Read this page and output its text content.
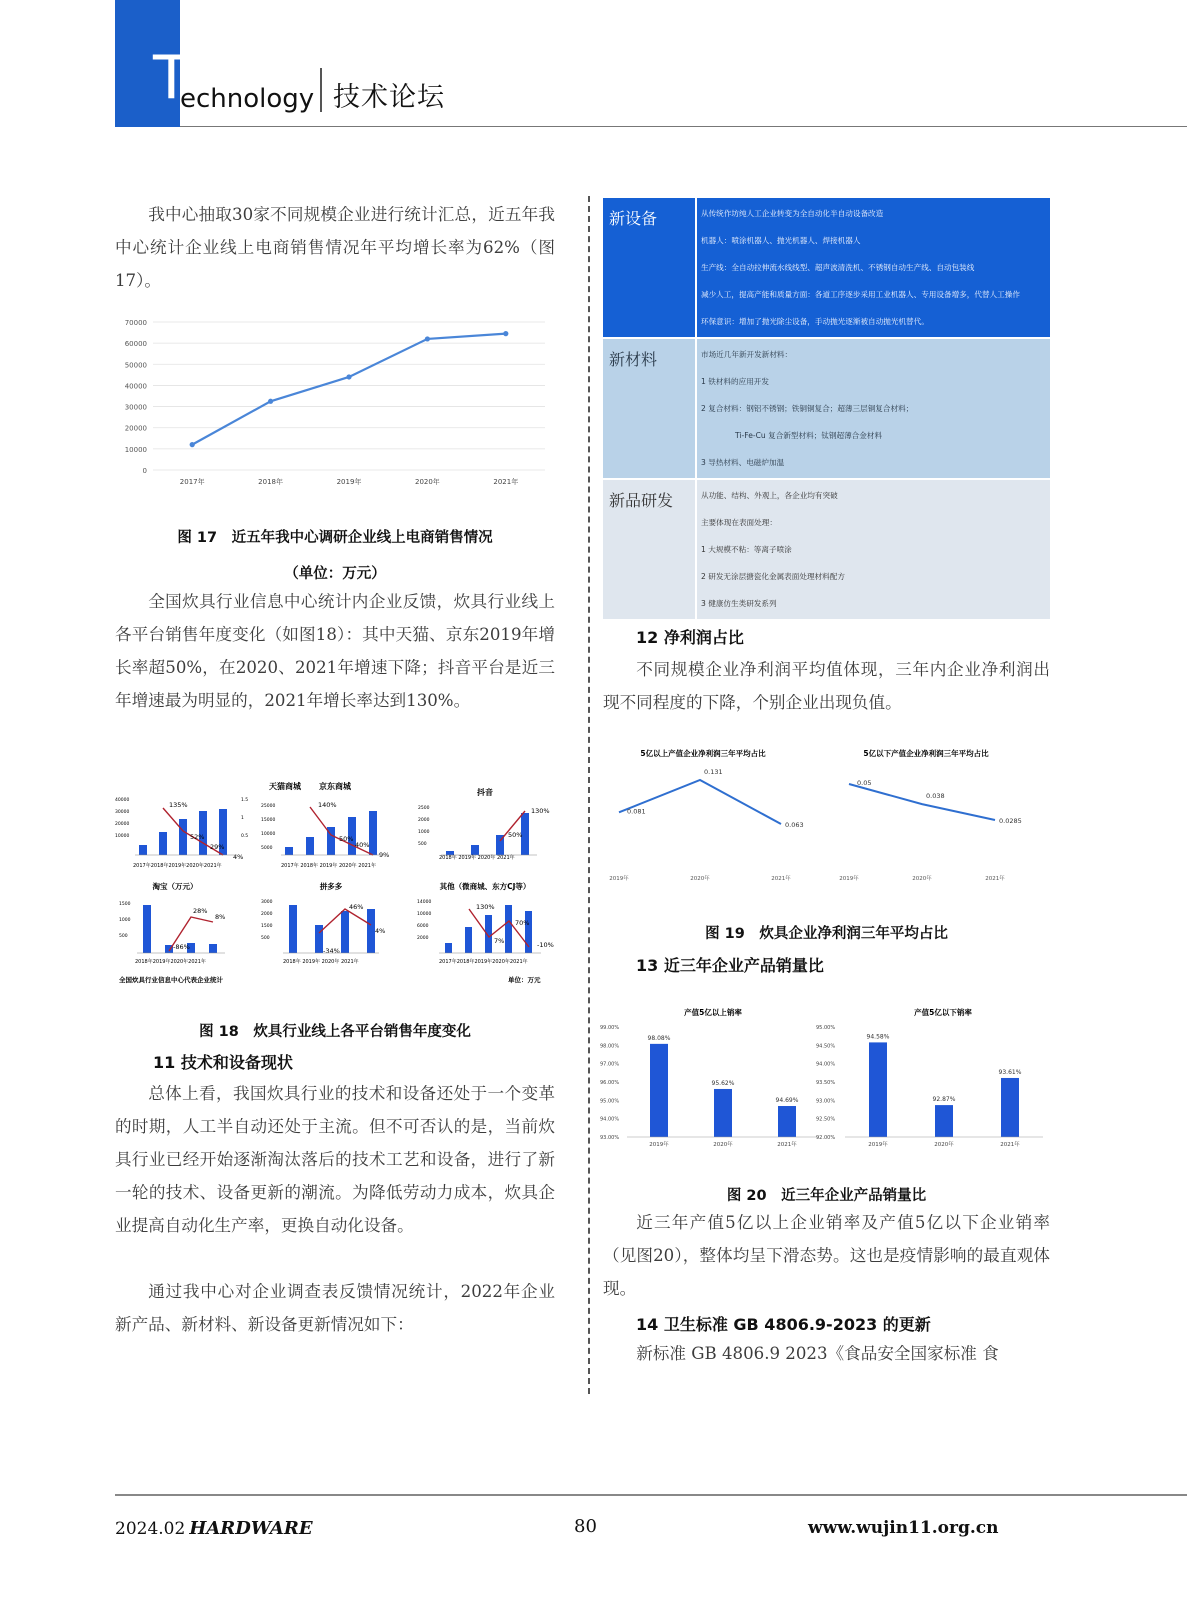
T
echnology 技术论坛

我中心抽取30家不同规模企业进行统计汇总，近五年我中心统计企业线上电商销售情况年平均增长率为62%（图17）。

0
10000
20000
30000
40000
50000
60000
70000
2017年	2018年	2019年	2020年	2021年
图 17　近五年我中心调研企业线上电商销售情况
（单位：万元）

全国炊具行业信息中心统计内企业反馈，炊具行业线上各平台销售年度变化（如图18）：其中天猫、京东2019年增长率超50%，在2020、2021年增速下降；抖音平台是近三年增速最为明显的，2021年增长率达到130%。

天猫商城
135%
52%
29%
4%
2017年2018年2019年2020年2021年
40000
30000
20000
10000
1.5
1
0.5
京东商城
140%
50%
40%
9%
2017年 2018年 2019年 2020年 2021年
25000
15000
10000
5000
抖音
50%
130%
2018年 2019年 2020年 2021年
2500
2000
1000
500
淘宝（万元）
-86%
28%
8%
2018年2019年2020年2021年
1500
1000
500
拼多多
-34%
46%
4%
2018年 2019年 2020年 2021年
3000
2000
1500
500
其他（微商城、东方CJ等）
130%
70%
7%	-10%
2017年2018年2019年2020年2021年
14000
10000
6000
2000
全国炊具行业信息中心代表企业统计	单位：万元
图 18　炊具行业线上各平台销售年度变化
11 技术和设备现状

总体上看，我国炊具行业的技术和设备还处于一个变革的时期，人工半自动还处于主流。但不可否认的是，当前炊具行业已经开始逐渐淘汰落后的技术工艺和设备，进行了新一轮的技术、设备更新的潮流。为降低劳动力成本，炊具企业提高自动化生产率，更换自动化设备。

通过我中心对企业调查表反馈情况统计，2022年企业新产品、新材料、新设备更新情况如下：

新设备	从传统作坊纯人工企业转变为全自动化半自动设备改造
机器人：喷涂机器人、抛光机器人、焊接机器人
生产线：全自动拉伸流水线线型、超声波清洗机、不锈钢自动生产线、自动包装线
减少人工，提高产能和质量方面：各道工序逐步采用工业机器人、专用设备增多，代替人工操作
环保意识：增加了抛光除尘设备，手动抛光逐渐被自动抛光机替代。

新材料	市场近几年新开发新材料：
1 铁材料的应用开发
2 复合材料：钢铝不锈钢；铁铜铜复合；超薄三层铜复合材料；
Ti-Fe-Cu 复合新型材料；钛钢超薄合金材料
3 导热材料、电磁炉加温

新品研发	从功能、结构、外观上，各企业均有突破
主要体现在表面处理：
1 大规模不粘：等离子喷涂
2 研发无涂层搪瓷化金属表面处理材料配方
3 健康仿生类研发系列
12 净利润占比

不同规模企业净利润平均值体现，三年内企业净利润出现不同程度的下降，个别企业出现负值。

5亿以上产值企业净利润三年平均占比
0.081
0.131
0.063
2019年	2020年	2021年
5亿以下产值企业净利润三年平均占比
0.05
0.038
0.0285
2019年	2020年	2021年
图 19　炊具企业净利润三年平均占比
13 近三年企业产品销量比
产值5亿以上销率
93.00%
94.00%
95.00%
96.00%
97.00%
98.00%
99.00%
98.08%
95.62%
94.69%
2019年	2020年	2021年
产值5亿以下销率
92.00%
92.50%
93.00%
93.50%
94.00%
94.50%
95.00%
94.58%
92.87%
93.61%
2019年	2020年	2021年
图 20　近三年企业产品销量比

近三年产值5亿以上企业销率及产值5亿以下企业销率（见图20），整体均呈下滑态势。这也是疫情影响的最直观体现。

14 卫生标准 GB 4806.9-2023 的更新

新标准 GB 4806.9 2023《食品安全国家标准 食

2024.02 HARDWARE	80	www.wujin11.org.cn
